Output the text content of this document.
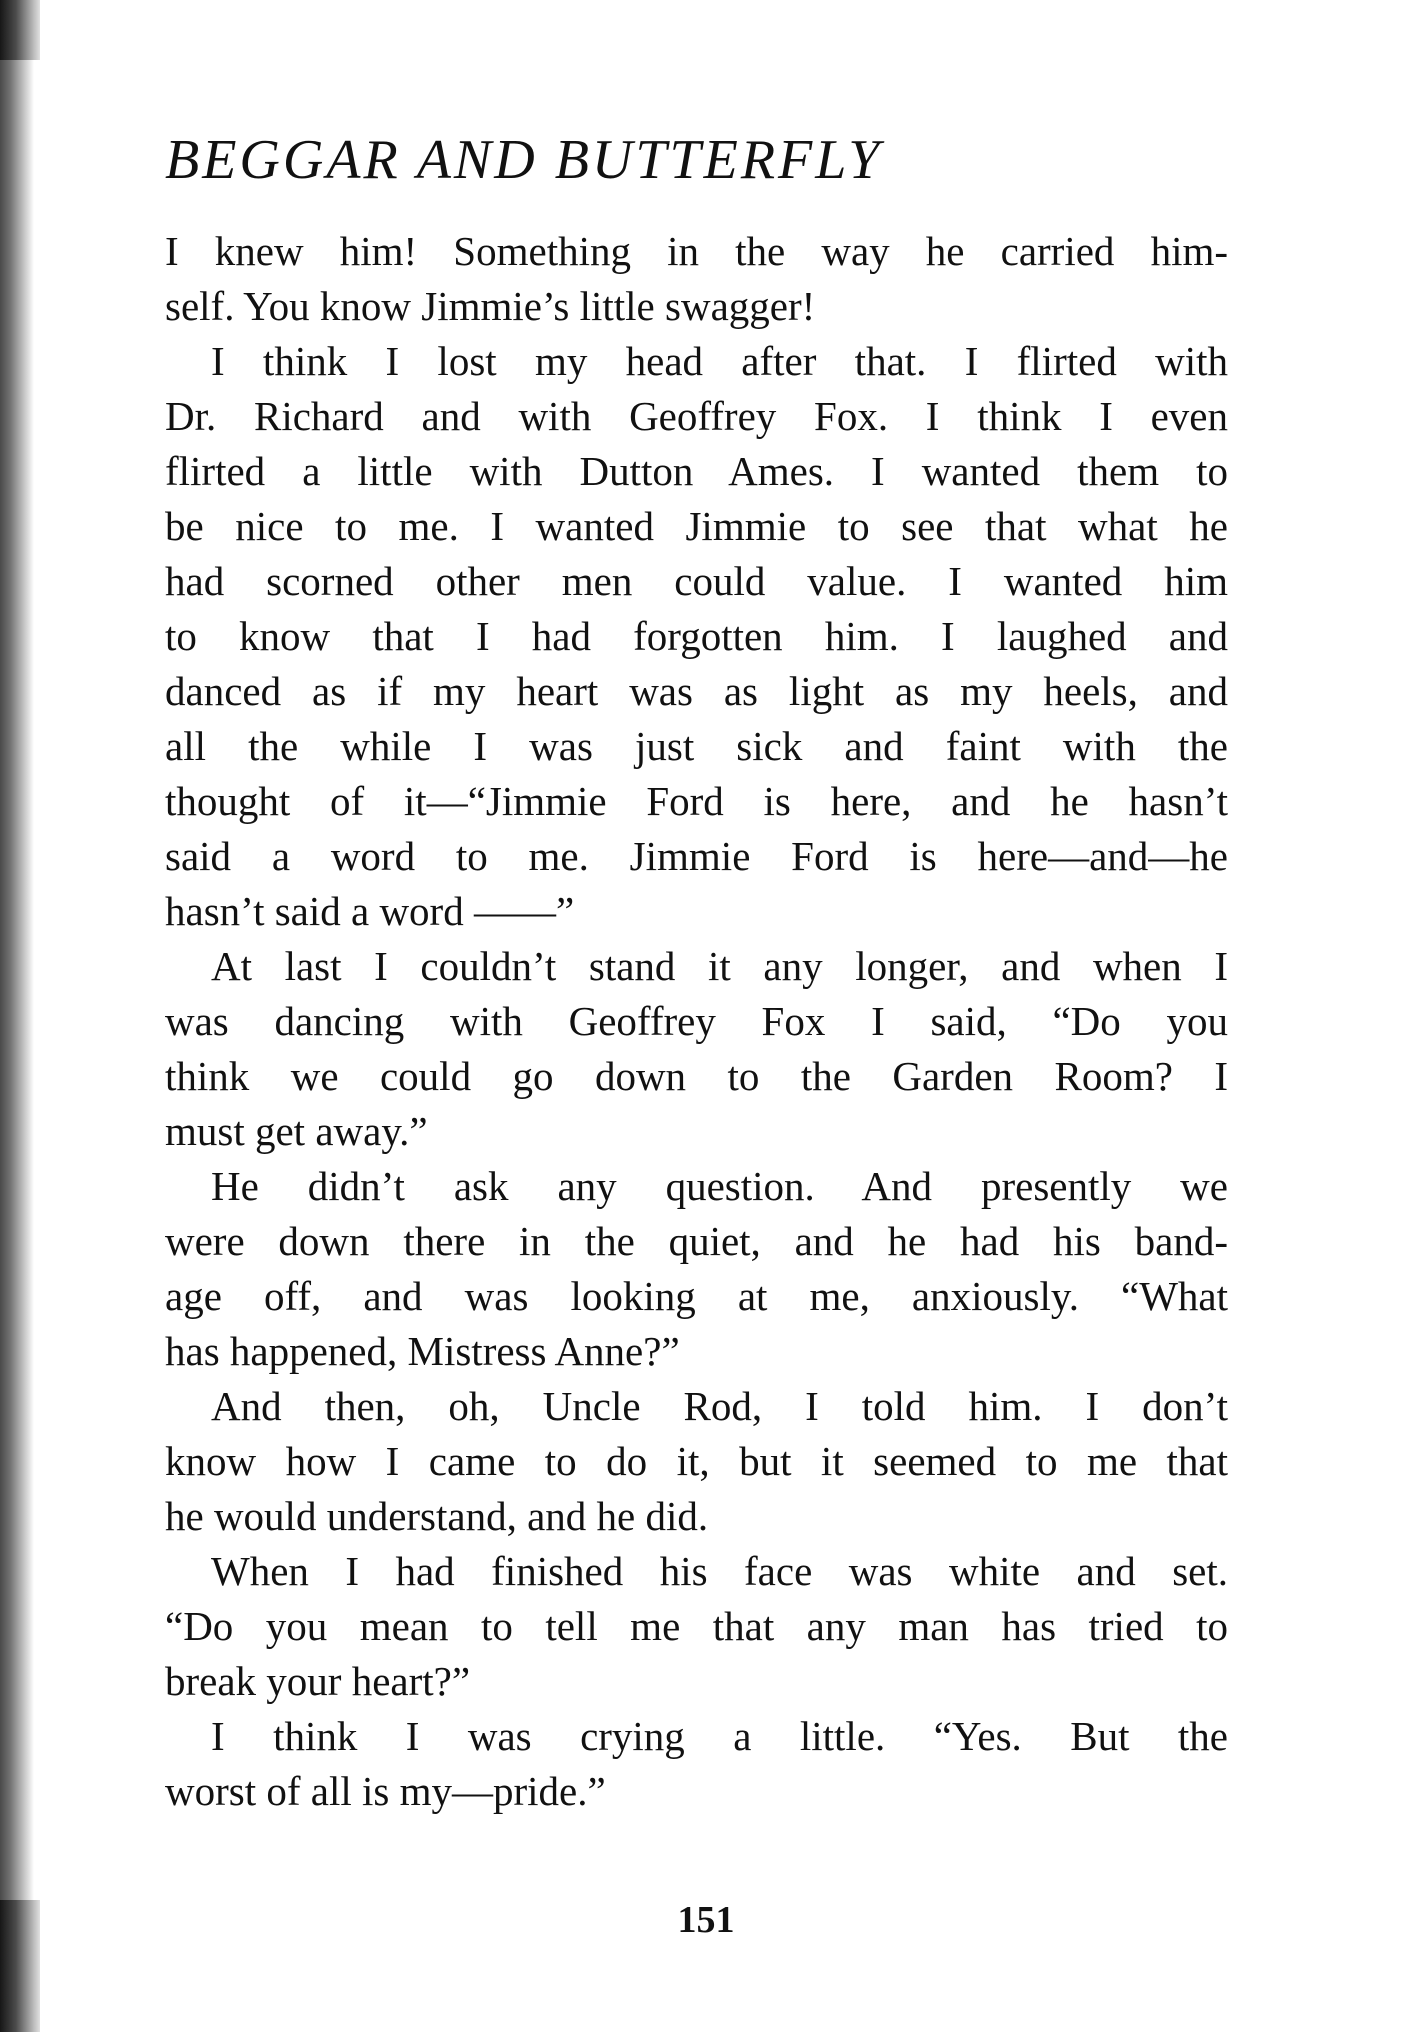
BEGGAR AND BUTTERFLY
I knew him! Something in the way he carried him-
self. You know Jimmie’s little swagger!
I think I lost my head after that. I flirted with
Dr. Richard and with Geoffrey Fox. I think I even
flirted a little with Dutton Ames. I wanted them to
be nice to me. I wanted Jimmie to see that what he
had scorned other men could value. I wanted him
to know that I had forgotten him. I laughed and
danced as if my heart was as light as my heels, and
all the while I was just sick and faint with the
thought of it—“Jimmie Ford is here, and he hasn’t
said a word to me. Jimmie Ford is here—and—he
hasn’t said a word ——”
At last I couldn’t stand it any longer, and when I
was dancing with Geoffrey Fox I said, “Do you
think we could go down to the Garden Room? I
must get away.”
He didn’t ask any question. And presently we
were down there in the quiet, and he had his band-
age off, and was looking at me, anxiously. “What
has happened, Mistress Anne?”
And then, oh, Uncle Rod, I told him. I don’t
know how I came to do it, but it seemed to me that
he would understand, and he did.
When I had finished his face was white and set.
“Do you mean to tell me that any man has tried to
break your heart?”
I think I was crying a little. “Yes. But the
worst of all is my—pride.”
151
